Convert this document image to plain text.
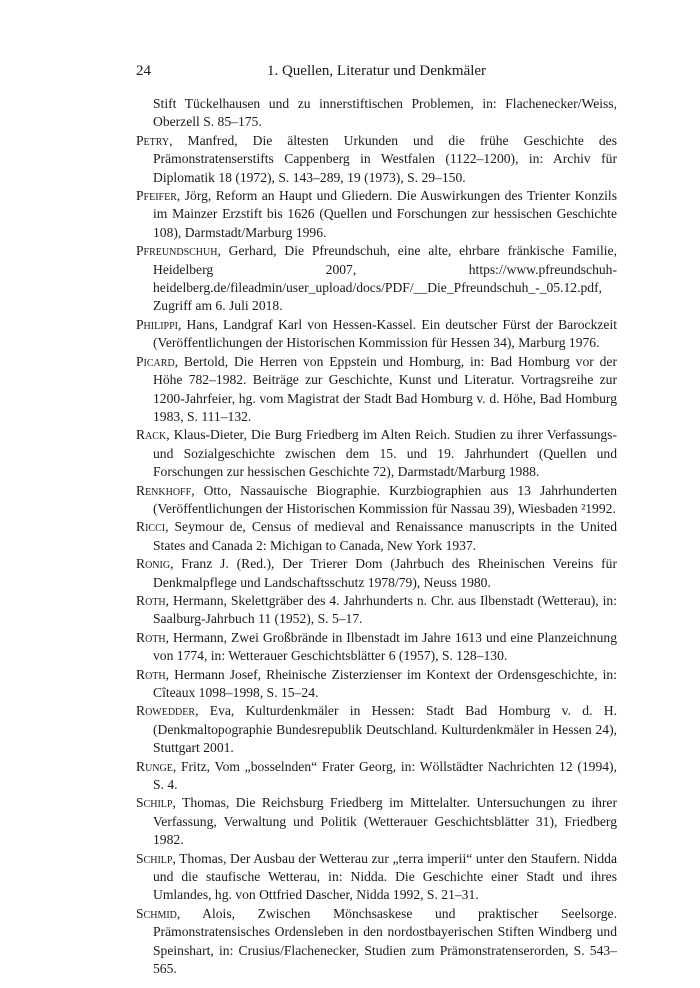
24	1. Quellen, Literatur und Denkmäler

Stift Tückelhausen und zu innerstiftischen Problemen, in: Flachenecker/Weiss, Oberzell S. 85–175.

Petry, Manfred, Die ältesten Urkunden und die frühe Geschichte des Prämonstratenserstifts Cappenberg in Westfalen (1122–1200), in: Archiv für Diplomatik 18 (1972), S. 143–289, 19 (1973), S. 29–150.

Pfeifer, Jörg, Reform an Haupt und Gliedern. Die Auswirkungen des Trienter Konzils im Mainzer Erzstift bis 1626 (Quellen und Forschungen zur hessischen Geschichte 108), Darmstadt/Marburg 1996.

Pfreundschuh, Gerhard, Die Pfreundschuh, eine alte, ehrbare fränkische Familie, Heidelberg 2007, https://www.pfreundschuh-heidelberg.de/fileadmin/user_upload/docs/PDF/__Die_Pfreundschuh_-_05.12.pdf, Zugriff am 6. Juli 2018.

Philippi, Hans, Landgraf Karl von Hessen-Kassel. Ein deutscher Fürst der Barockzeit (Veröffentlichungen der Historischen Kommission für Hessen 34), Marburg 1976.

Picard, Bertold, Die Herren von Eppstein und Homburg, in: Bad Homburg vor der Höhe 782–1982. Beiträge zur Geschichte, Kunst und Literatur. Vortragsreihe zur 1200-Jahrfeier, hg. vom Magistrat der Stadt Bad Homburg v. d. Höhe, Bad Homburg 1983, S. 111–132.

Rack, Klaus-Dieter, Die Burg Friedberg im Alten Reich. Studien zu ihrer Verfassungs- und Sozialgeschichte zwischen dem 15. und 19. Jahrhundert (Quellen und Forschungen zur hessischen Geschichte 72), Darmstadt/Marburg 1988.

Renkhoff, Otto, Nassauische Biographie. Kurzbiographien aus 13 Jahrhunderten (Veröffentlichungen der Historischen Kommission für Nassau 39), Wiesbaden ²1992.

Ricci, Seymour de, Census of medieval and Renaissance manuscripts in the United States and Canada 2: Michigan to Canada, New York 1937.

Ronig, Franz J. (Red.), Der Trierer Dom (Jahrbuch des Rheinischen Vereins für Denkmalpflege und Landschaftsschutz 1978/79), Neuss 1980.

Roth, Hermann, Skelettgräber des 4. Jahrhunderts n. Chr. aus Ilbenstadt (Wetterau), in: Saalburg-Jahrbuch 11 (1952), S. 5–17.

Roth, Hermann, Zwei Großbrände in Ilbenstadt im Jahre 1613 und eine Planzeichnung von 1774, in: Wetterauer Geschichtsblätter 6 (1957), S. 128–130.

Roth, Hermann Josef, Rheinische Zisterzienser im Kontext der Ordensgeschichte, in: Cîteaux 1098–1998, S. 15–24.

Rowedder, Eva, Kulturdenkmäler in Hessen: Stadt Bad Homburg v. d. H. (Denkmaltopographie Bundesrepublik Deutschland. Kulturdenkmäler in Hessen 24), Stuttgart 2001.

Runge, Fritz, Vom „bosselnden“ Frater Georg, in: Wöllstädter Nachrichten 12 (1994), S. 4.

Schilp, Thomas, Die Reichsburg Friedberg im Mittelalter. Untersuchungen zu ihrer Verfassung, Verwaltung und Politik (Wetterauer Geschichtsblätter 31), Friedberg 1982.

Schilp, Thomas, Der Ausbau der Wetterau zur „terra imperii“ unter den Staufern. Nidda und die staufische Wetterau, in: Nidda. Die Geschichte einer Stadt und ihres Umlandes, hg. von Ottfried Dascher, Nidda 1992, S. 21–31.

Schmid, Alois, Zwischen Mönchsaskese und praktischer Seelsorge. Prämonstratensisches Ordensleben in den nordostbayerischen Stiften Windberg und Speinshart, in: Crusius/Flachenecker, Studien zum Prämonstratenserorden, S. 543–565.
